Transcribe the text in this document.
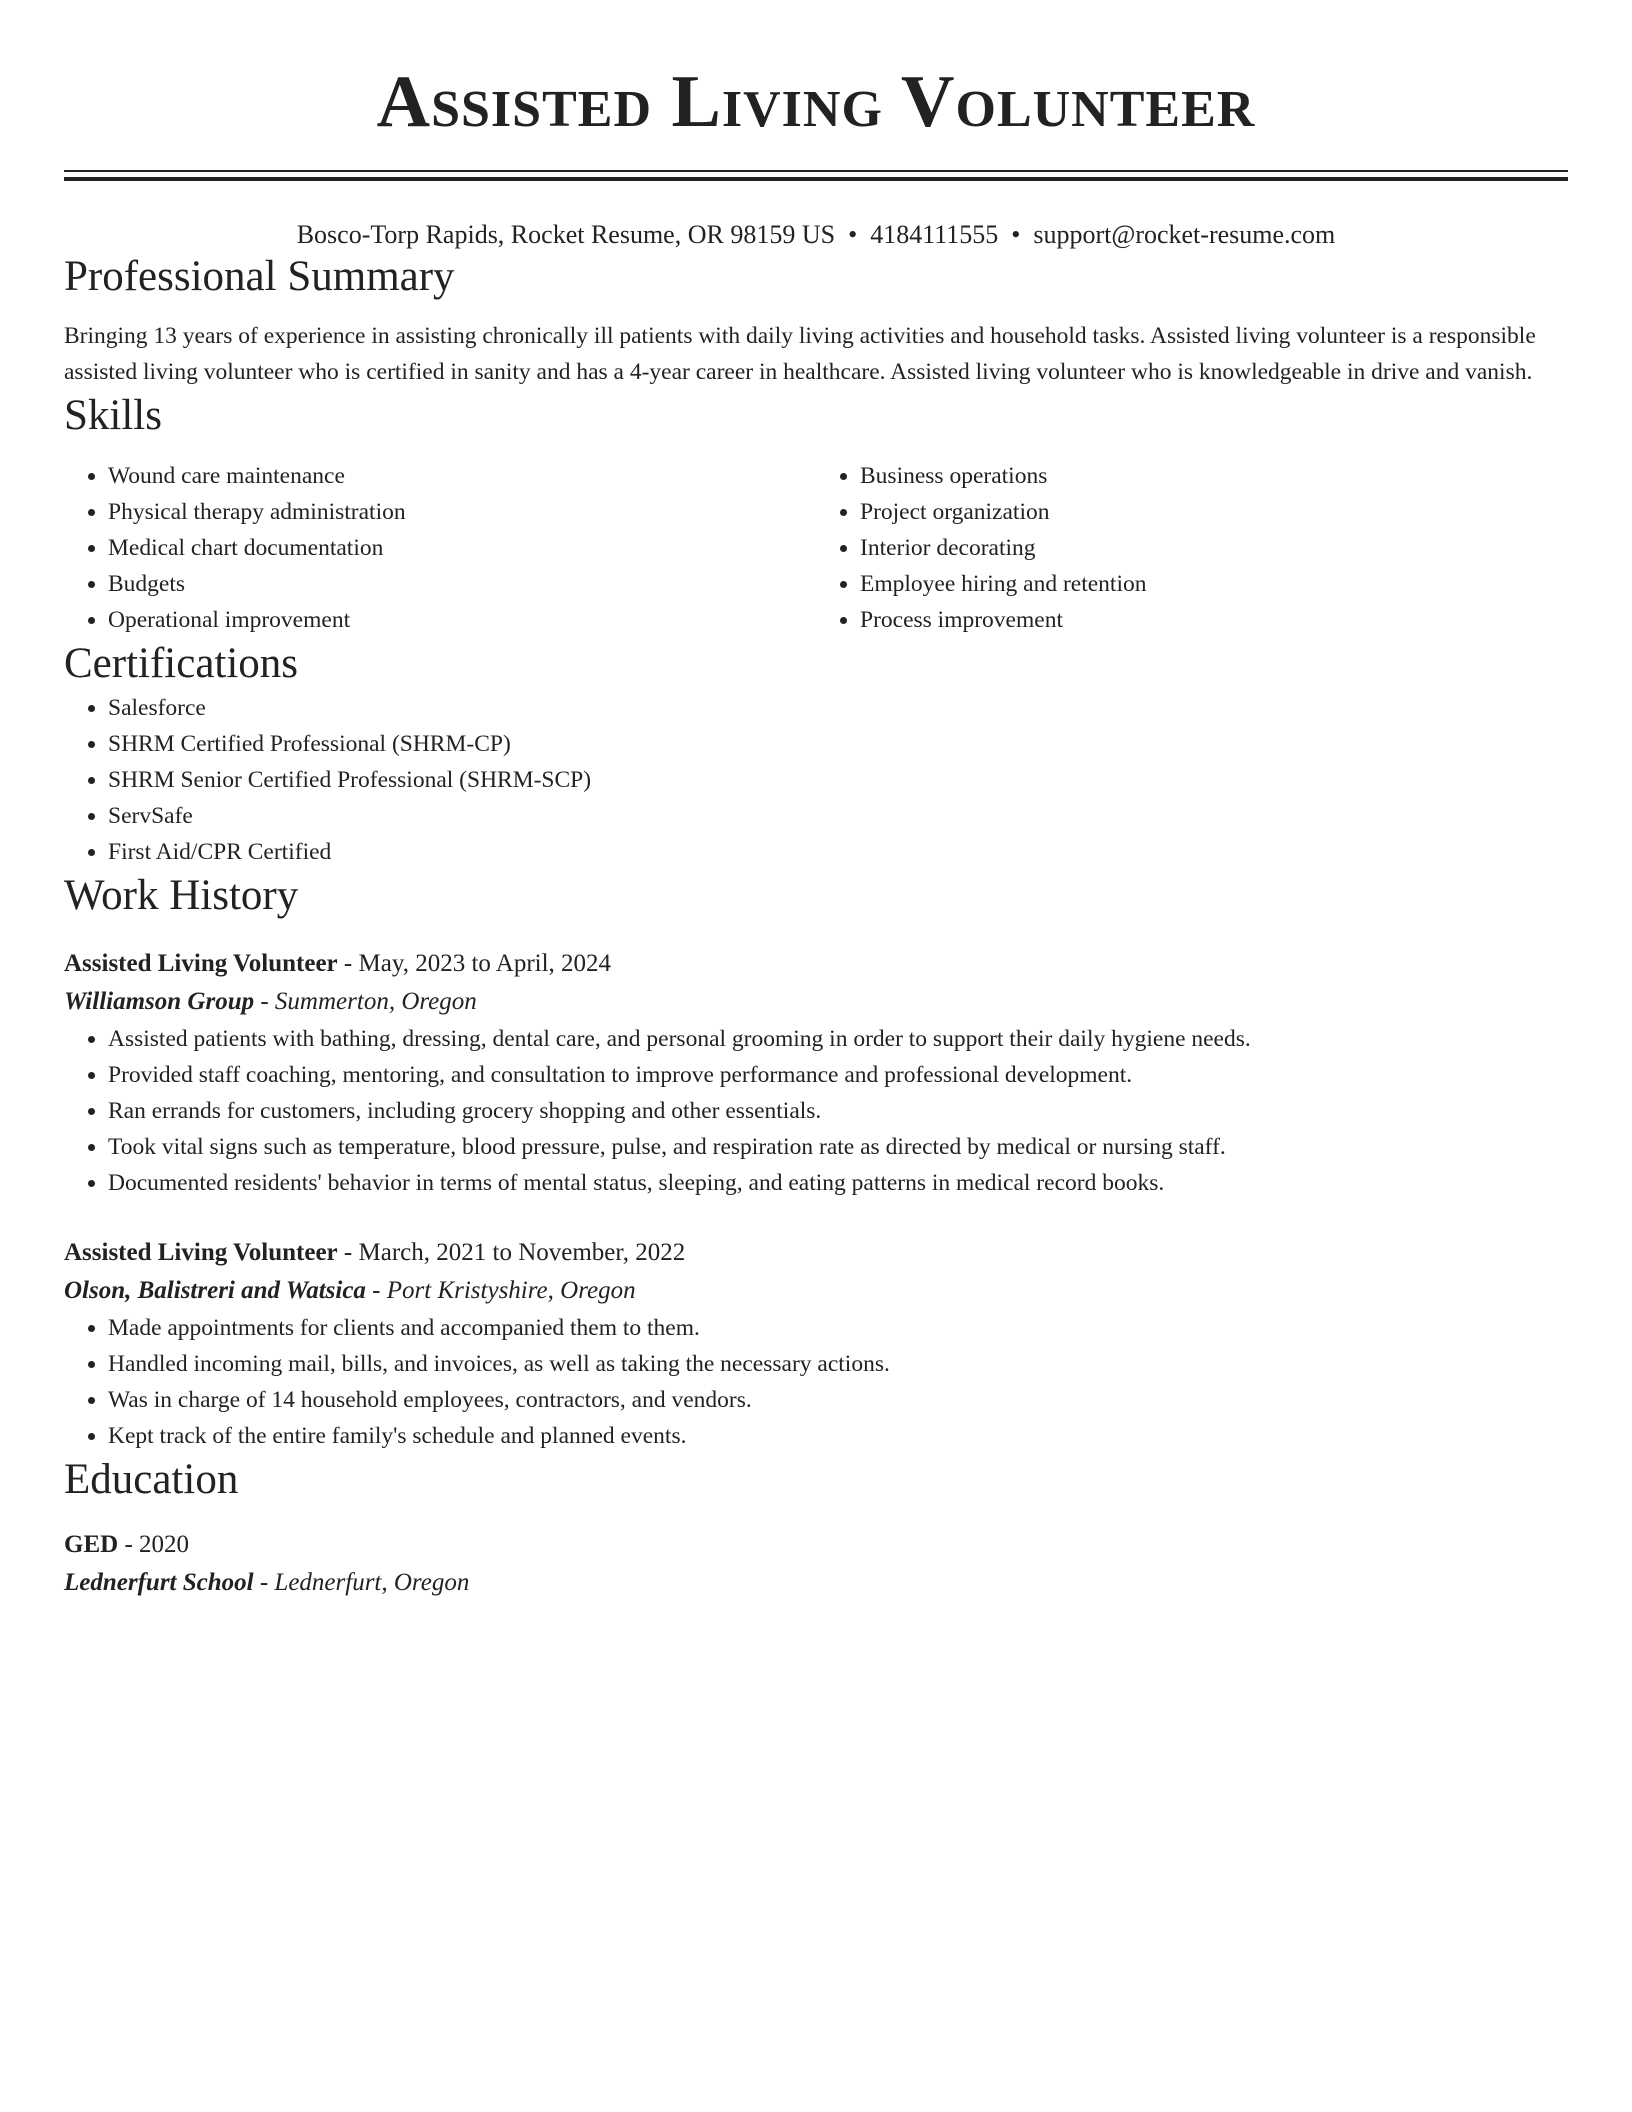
Assisted Living Volunteer
Bosco-Torp Rapids, Rocket Resume, OR 98159 US • 4184111555 • support@rocket-resume.com
Professional Summary

Bringing 13 years of experience in assisting chronically ill patients with daily living activities and household tasks. Assisted living volunteer is a responsible assisted living volunteer who is certified in sanity and has a 4-year career in healthcare. Assisted living volunteer who is knowledgeable in drive and vanish.

Skills
• Wound care maintenance
• Physical therapy administration
• Medical chart documentation
• Budgets
• Operational improvement
• Business operations
• Project organization
• Interior decorating
• Employee hiring and retention
• Process improvement
Certifications
• Salesforce
• SHRM Certified Professional (SHRM-CP)
• SHRM Senior Certified Professional (SHRM-SCP)
• ServSafe
• First Aid/CPR Certified
Work History
Assisted Living Volunteer - May, 2023 to April, 2024
Williamson Group - Summerton, Oregon
• Assisted patients with bathing, dressing, dental care, and personal grooming in order to support their daily hygiene needs.
• Provided staff coaching, mentoring, and consultation to improve performance and professional development.
• Ran errands for customers, including grocery shopping and other essentials.
• Took vital signs such as temperature, blood pressure, pulse, and respiration rate as directed by medical or nursing staff.
• Documented residents' behavior in terms of mental status, sleeping, and eating patterns in medical record books.
Assisted Living Volunteer - March, 2021 to November, 2022
Olson, Balistreri and Watsica - Port Kristyshire, Oregon
• Made appointments for clients and accompanied them to them.
• Handled incoming mail, bills, and invoices, as well as taking the necessary actions.
• Was in charge of 14 household employees, contractors, and vendors.
• Kept track of the entire family's schedule and planned events.
Education
GED - 2020
Lednerfurt School - Lednerfurt, Oregon
